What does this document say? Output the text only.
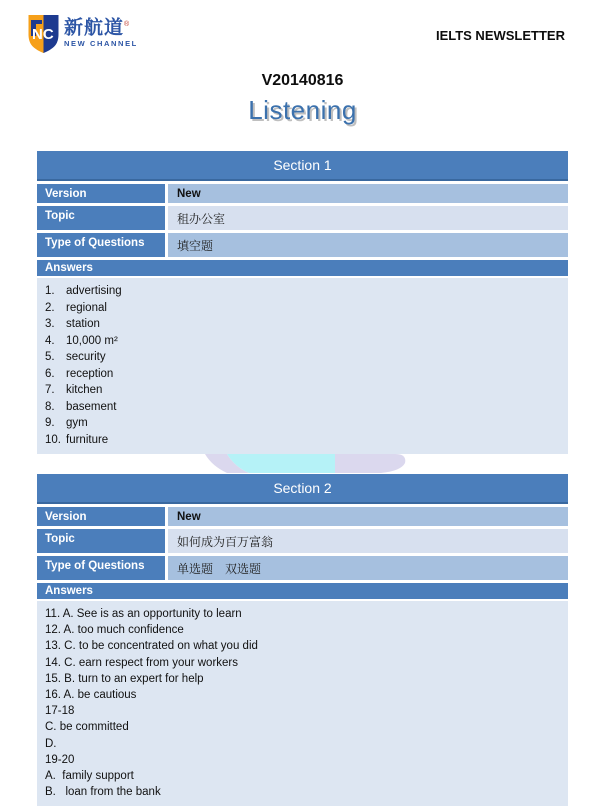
NC 新航道®
NEW CHANNEL
IELTS NEWSLETTER
V20140816
Listening
Section 1
Version	New
Topic	租办公室
Type of Questions	填空题
Answers
1. advertising
2. regional
3. station
4. 10,000 m²
5. security
6. reception
7. kitchen
8. basement
9. gym
10. furniture
Section 2
Version	New
Topic	如何成为百万富翁
Type of Questions	单选题　双选题
Answers
11. A. See is as an opportunity to learn
12. A. too much confidence
13. C. to be concentrated on what you did
14. C. earn respect from your workers
15. B. turn to an expert for help
16. A. be cautious
17-18
C. be committed
D.
19-20
A.  family support
B.   loan from the bank
